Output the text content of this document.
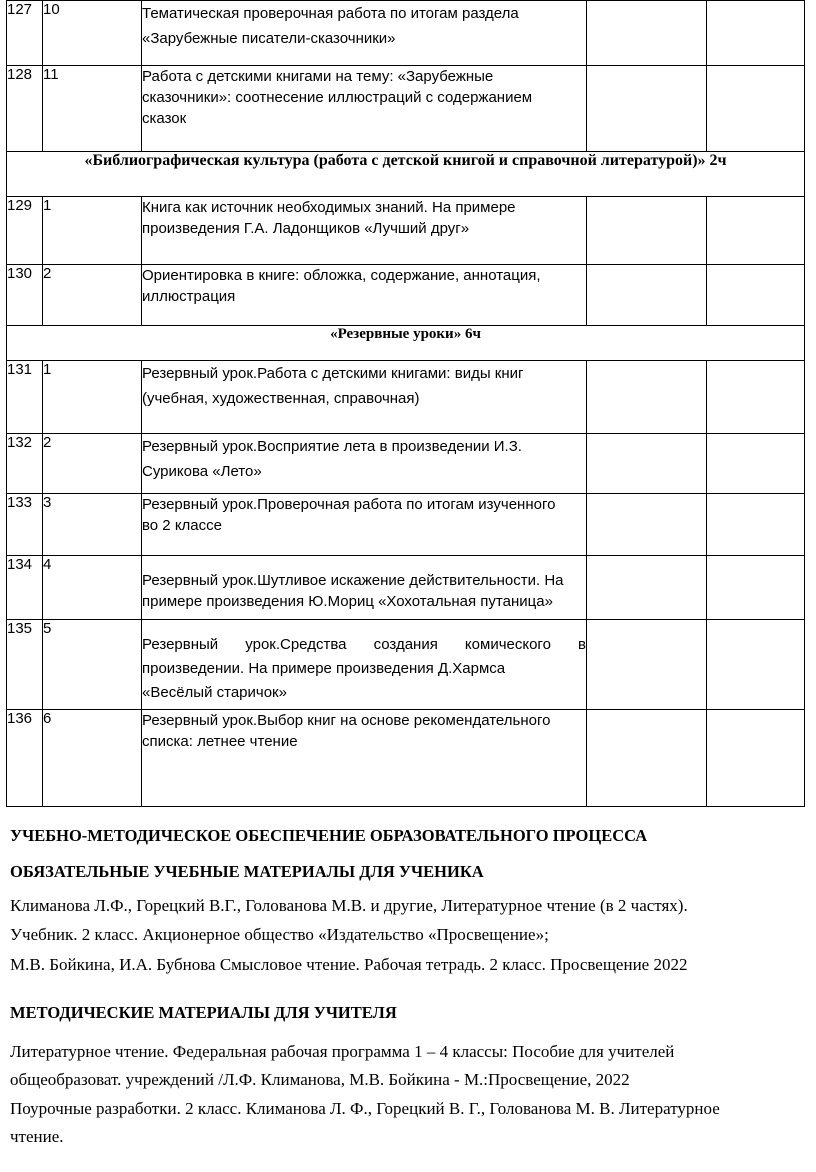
127	10	Тематическая проверочная работа по итогам раздела
«Зарубежные писатели-сказочники»		

128	11	Работа с детскими книгами на тему: «Зарубежные
сказочники»: соотнесение иллюстраций с содержанием
сказок		

«Библиографическая культура (работа с детской книгой и справочной литературой)» 2ч				
129	1	Книга как источник необходимых знаний. На примере
произведения Г.А. Ладонщиков «Лучший друг»		

130	2	Ориентировка в книге: обложка, содержание, аннотация,
иллюстрация		

«Резервные уроки» 6ч				
131	1	Резервный урок.Работа с детскими книгами: виды книг
(учебная, художественная, справочная)		

132	2	Резервный урок.Восприятие лета в произведении И.З.
Сурикова «Лето»		

133	3	Резервный урок.Проверочная работа по итогам изученного
во 2 классе		

134	4	Резервный урок.Шутливое искажение действительности. На
примере произведения Ю.Мориц «Хохотальная путаница»		

135	5	Резервный урок.Средства создания комического в
произведении. На примере произведения Д.Хармса
«Весёлый старичок»		

136	6	Резервный урок.Выбор книг на основе рекомендательного
списка: летнее чтение		

УЧЕБНО-МЕТОДИЧЕСКОЕ ОБЕСПЕЧЕНИЕ ОБРАЗОВАТЕЛЬНОГО ПРОЦЕССА
ОБЯЗАТЕЛЬНЫЕ УЧЕБНЫЕ МАТЕРИАЛЫ ДЛЯ УЧЕНИКА
Климанова Л.Ф., Горецкий В.Г., Голованова М.В. и другие, Литературное чтение (в 2 частях).
Учебник. 2 класс. Акционерное общество «Издательство «Просвещение»;
М.В. Бойкина, И.А. Бубнова Смысловое чтение. Рабочая тетрадь. 2 класс. Просвещение 2022
МЕТОДИЧЕСКИЕ МАТЕРИАЛЫ ДЛЯ УЧИТЕЛЯ
Литературное чтение. Федеральная рабочая программа 1 – 4 классы: Пособие для учителей
общеобразоват. учреждений /Л.Ф. Климанова, М.В. Бойкина - М.:Просвещение, 2022
Поурочные разработки. 2 класс. Климанова Л. Ф., Горецкий В. Г., Голованова М. В. Литературное
чтение.
